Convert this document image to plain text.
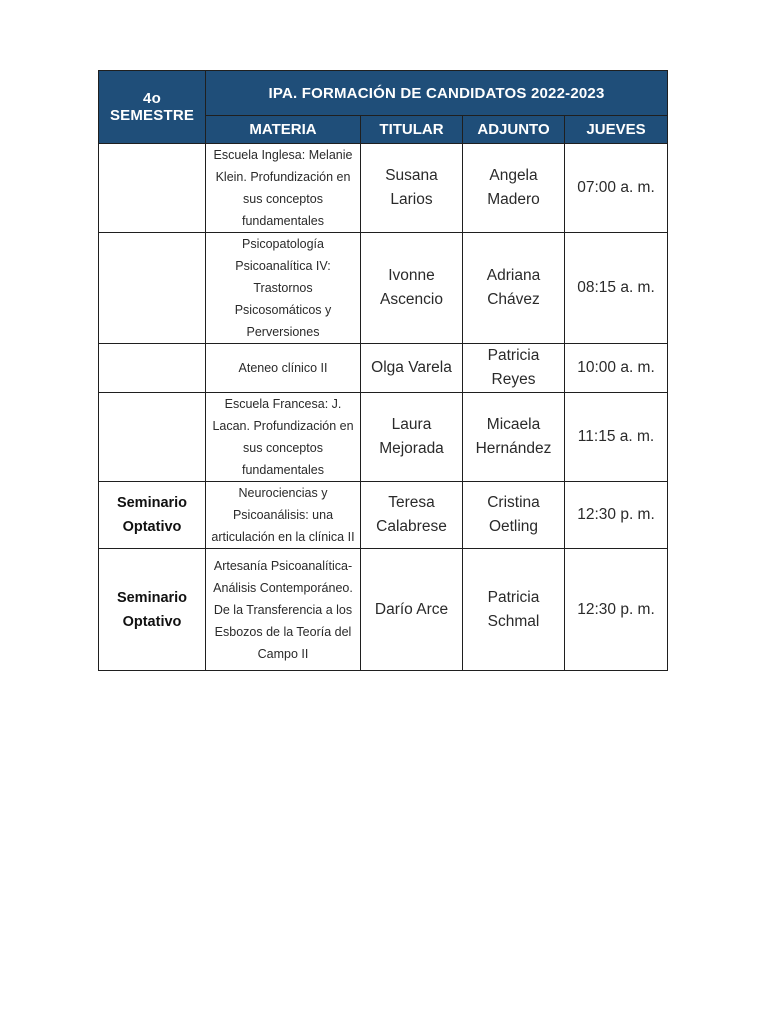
4o SEMESTRE	IPA. FORMACIÓN DE CANDIDATOS 2022-2023			
	MATERIA	TITULAR	ADJUNTO	JUEVES
	Escuela Inglesa: Melanie Klein. Profundización en sus conceptos fundamentales	Susana Larios	Angela Madero	07:00 a. m.
	Psicopatología Psicoanalítica IV: Trastornos Psicosomáticos y Perversiones	Ivonne Ascencio	Adriana Chávez	08:15 a. m.
	Ateneo clínico II	Olga Varela	Patricia Reyes	10:00 a. m.
	Escuela Francesa: J. Lacan. Profundización en sus conceptos fundamentales	Laura Mejorada	Micaela Hernández	11:15 a. m.
Seminario Optativo	Neurociencias y Psicoanálisis: una articulación en la clínica II	Teresa Calabrese	Cristina Oetling	12:30 p. m.
Seminario Optativo	Artesanía Psicoanalítica-Análisis Contemporáneo. De la Transferencia a los Esbozos de la Teoría del Campo II	Darío Arce	Patricia Schmal	12:30 p. m.
